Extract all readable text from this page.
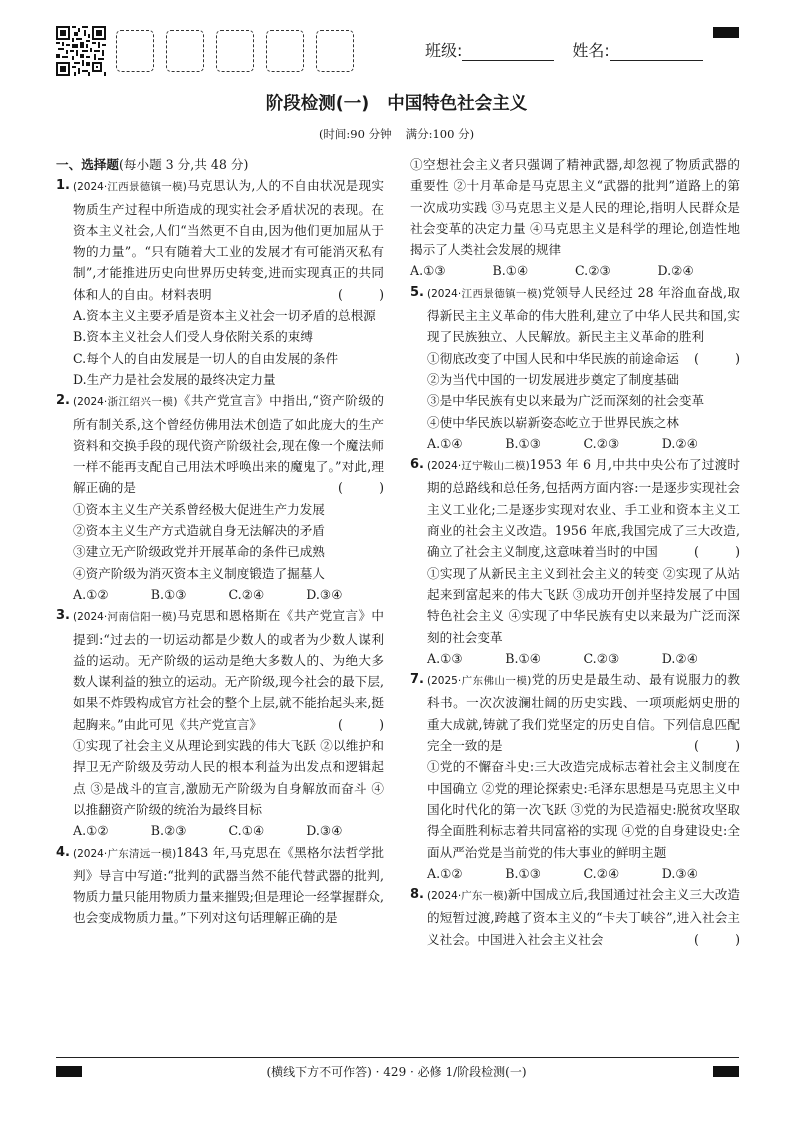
班级:	姓名:
阶段检测(一) 中国特色社会主义
(时间:90 分钟 满分:100 分)
一、选择题(每小题 3 分,共 48 分)
1. (2024·江西景德镇一模)马克思认为,人的不自由状况是现实物质生产过程中所造成的现实社会矛盾状况的表现。在资本主义社会,人们“当然更不自由,因为他们更加屈从于物的力量”。“只有随着大工业的发展才有可能消灭私有制”,才能推进历史向世界历史转变,进而实现真正的共同体和人的自由。材料表明	(	)
A.资本主义主要矛盾是资本主义社会一切矛盾的总根源
B.资本主义社会人们受人身依附关系的束缚
C.每个人的自由发展是一切人的自由发展的条件
D.生产力是社会发展的最终决定力量
2. (2024·浙江绍兴一模)《共产党宣言》中指出,“资产阶级的所有制关系,这个曾经仿佛用法术创造了如此庞大的生产资料和交换手段的现代资产阶级社会,现在像一个魔法师一样不能再支配自己用法术呼唤出来的魔鬼了。”对此,理解正确的是	(	)
①资本主义生产关系曾经极大促进生产力发展
②资本主义生产方式造就自身无法解决的矛盾
③建立无产阶级政党并开展革命的条件已成熟
④资产阶级为消灭资本主义制度锻造了掘墓人
A.①②	B.①③	C.②④	D.③④
3. (2024·河南信阳一模)马克思和恩格斯在《共产党宣言》中提到:“过去的一切运动都是少数人的或者为少数人谋利益的运动。无产阶级的运动是绝大多数人的、为绝大多数人谋利益的独立的运动。无产阶级,现今社会的最下层,如果不炸毁构成官方社会的整个上层,就不能抬起头来,挺起胸来。”由此可见《共产党宣言》	(	)
①实现了社会主义从理论到实践的伟大飞跃 ②以维护和捍卫无产阶级及劳动人民的根本利益为出发点和逻辑起点 ③是战斗的宣言,激励无产阶级为自身解放而奋斗 ④以推翻资产阶级的统治为最终目标
A.①②	B.②③	C.①④	D.③④
4. (2024·广东清远一模)1843 年,马克思在《黑格尔法哲学批判》导言中写道:“批判的武器当然不能代替武器的批判,物质力量只能用物质力量来摧毁;但是理论一经掌握群众,也会变成物质力量。”下列对这句话理解正确的是
①空想社会主义者只强调了精神武器,却忽视了物质武器的重要性 ②十月革命是马克思主义“武器的批判”道路上的第一次成功实践 ③马克思主义是人民的理论,指明人民群众是社会变革的决定力量 ④马克思主义是科学的理论,创造性地揭示了人类社会发展的规律
A.①③	B.①④	C.②③	D.②④
5. (2024·江西景德镇一模)党领导人民经过 28 年浴血奋战,取得新民主主义革命的伟大胜利,建立了中华人民共和国,实现了民族独立、人民解放。新民主主义革命的胜利
(	)
①彻底改变了中国人民和中华民族的前途命运
②为当代中国的一切发展进步奠定了制度基础
③是中华民族有史以来最为广泛而深刻的社会变革
④使中华民族以崭新姿态屹立于世界民族之林
A.①④	B.①③	C.②③	D.②④
6. (2024·辽宁鞍山二模)1953 年 6 月,中共中央公布了过渡时期的总路线和总任务,包括两方面内容:一是逐步实现社会主义工业化;二是逐步实现对农业、手工业和资本主义工商业的社会主义改造。1956 年底,我国完成了三大改造,确立了社会主义制度,这意味着当时的中国	(	)
①实现了从新民主主义到社会主义的转变 ②实现了从站起来到富起来的伟大飞跃 ③成功开创并坚持发展了中国特色社会主义 ④实现了中华民族有史以来最为广泛而深刻的社会变革
A.①③	B.①④	C.②③	D.②④
7. (2025·广东佛山一模)党的历史是最生动、最有说服力的教科书。一次次波澜壮阔的历史实践、一项项彪炳史册的重大成就,铸就了我们党坚定的历史自信。下列信息匹配完全一致的是	(	)
①党的不懈奋斗史:三大改造完成标志着社会主义制度在中国确立 ②党的理论探索史:毛泽东思想是马克思主义中国化时代化的第一次飞跃 ③党的为民造福史:脱贫攻坚取得全面胜利标志着共同富裕的实现 ④党的自身建设史:全面从严治党是当前党的伟大事业的鲜明主题
A.①②	B.①③	C.②④	D.③④
8. (2024·广东一模)新中国成立后,我国通过社会主义三大改造的短暂过渡,跨越了资本主义的“卡夫丁峡谷”,进入社会主义社会。中国进入社会主义社会	(	)
(横线下方不可作答) · 429 · 必修 1/阶段检测(一)
